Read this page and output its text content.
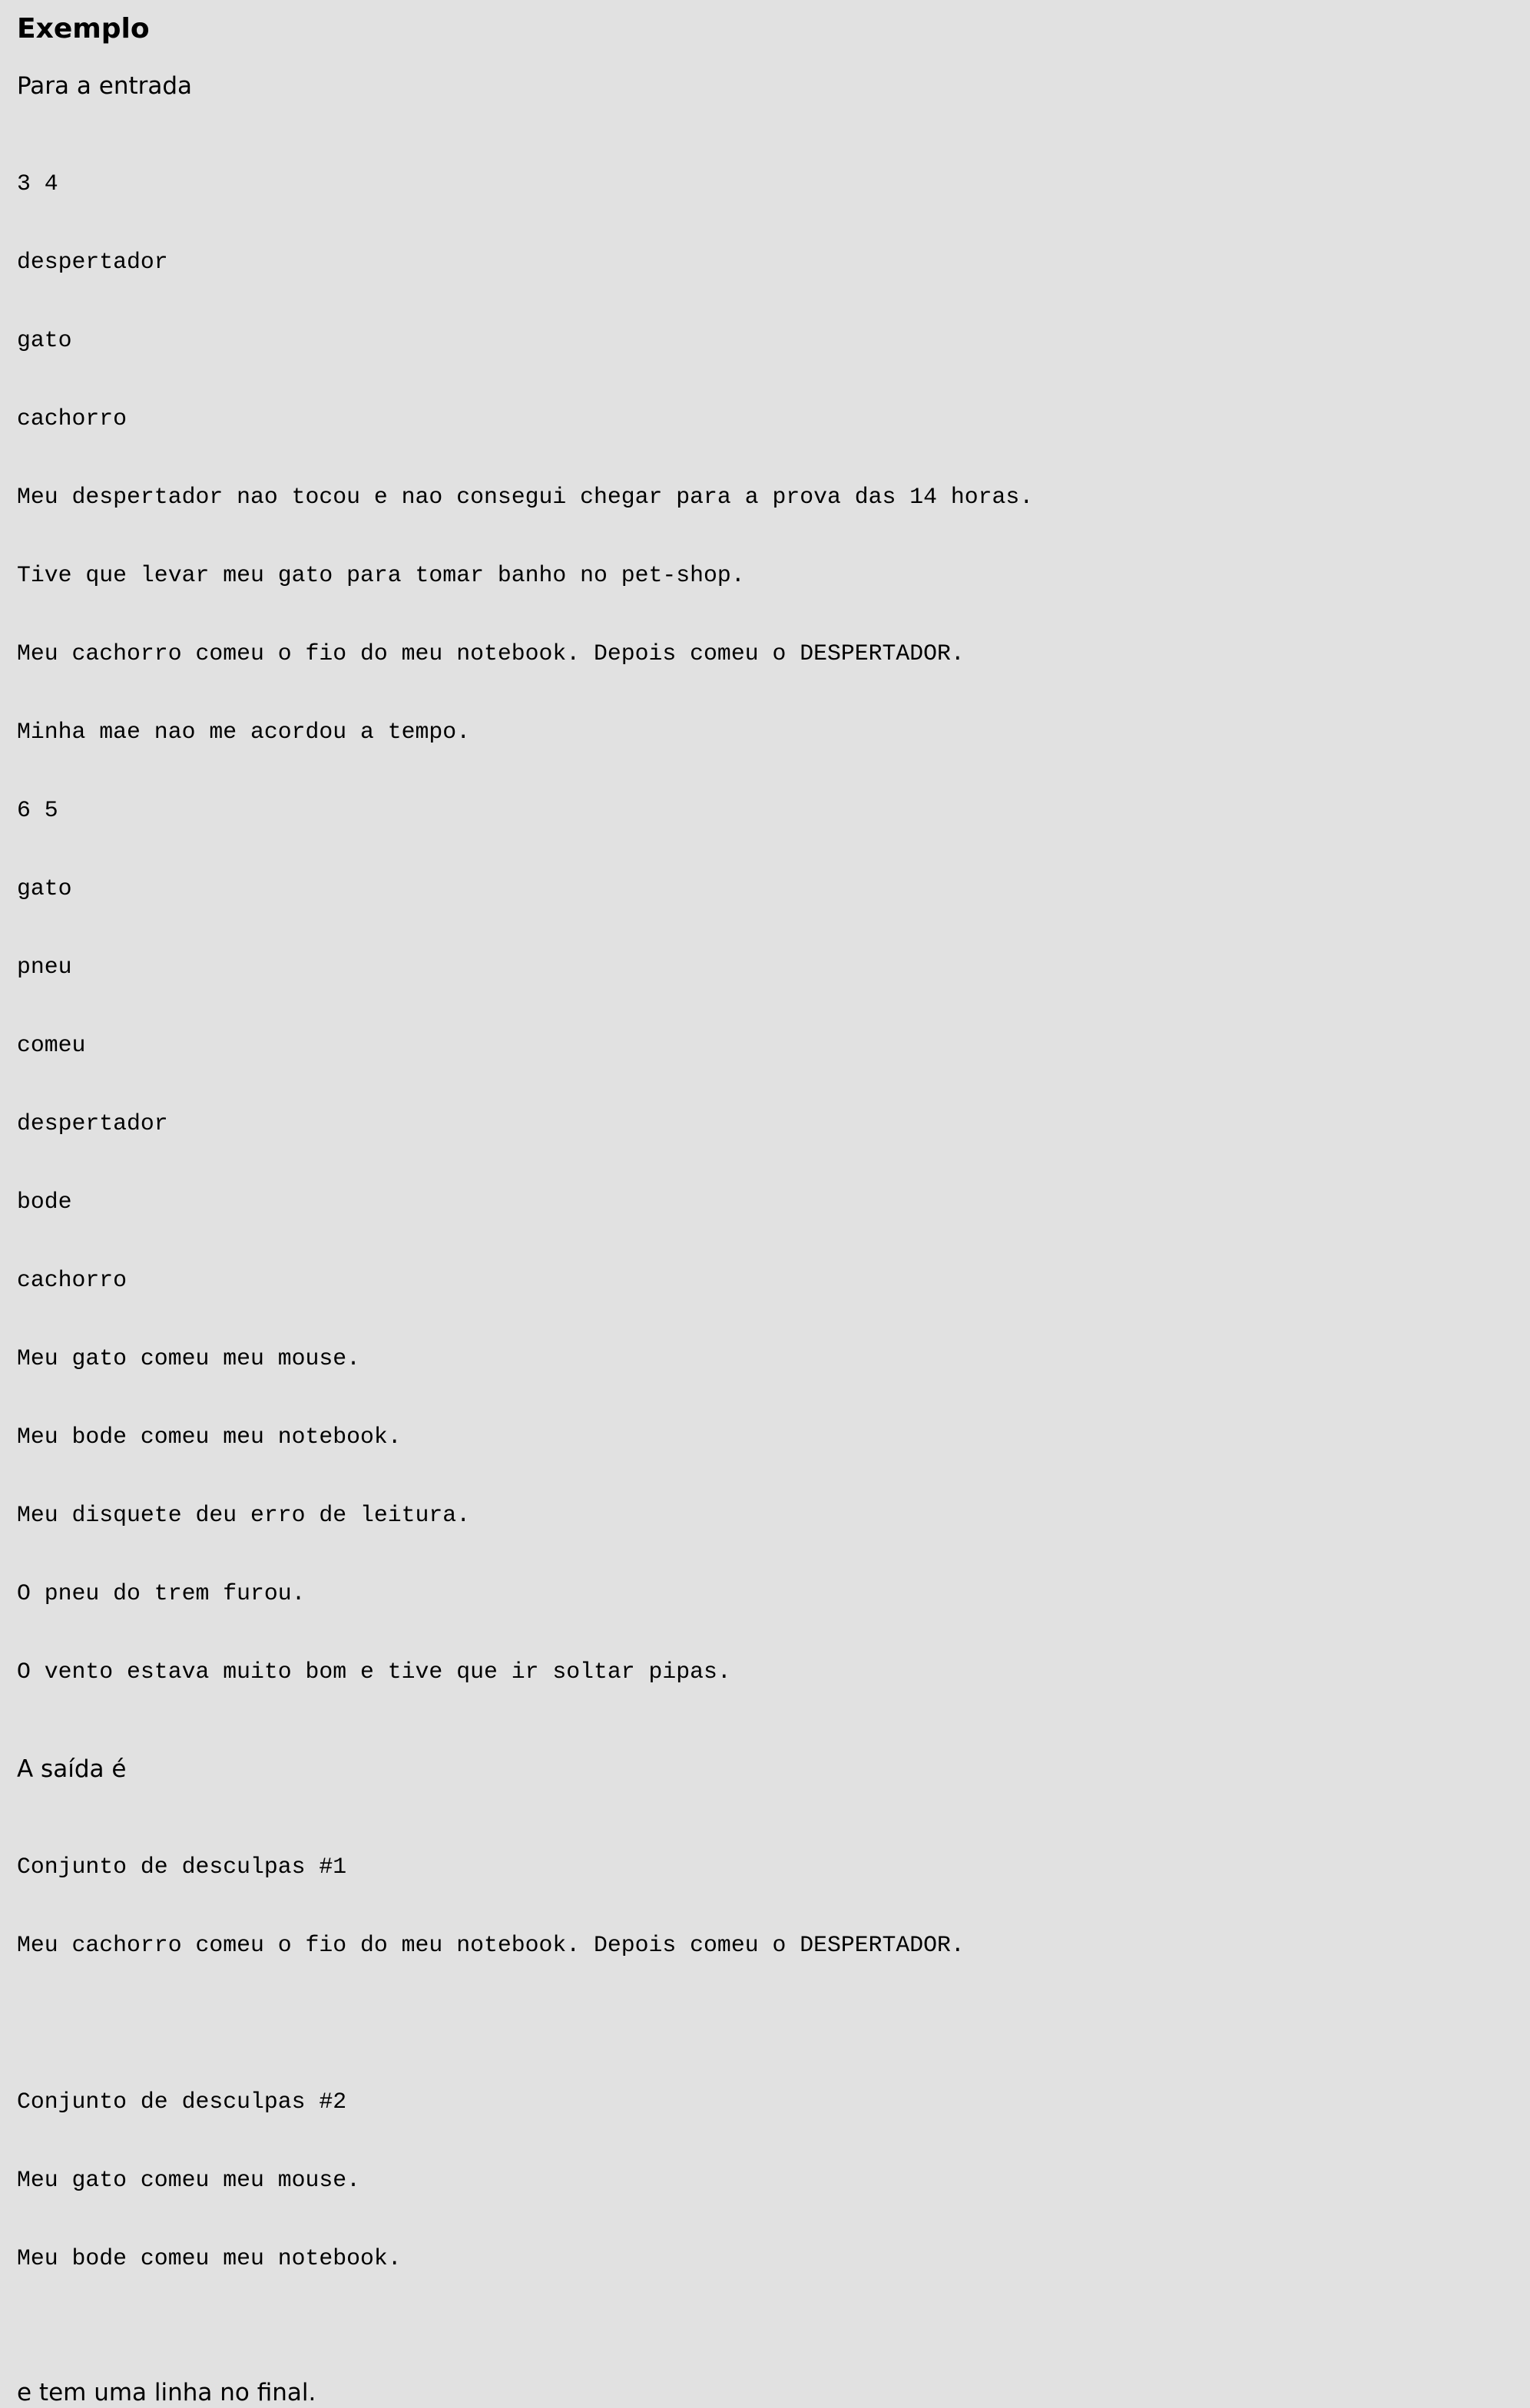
Exemplo

Para a entrada

3 4

despertador

gato

cachorro

Meu despertador nao tocou e nao consegui chegar para a prova das 14 horas.

Tive que levar meu gato para tomar banho no pet-shop.

Meu cachorro comeu o fio do meu notebook. Depois comeu o DESPERTADOR.

Minha mae nao me acordou a tempo.

6 5

gato

pneu

comeu

despertador

bode

cachorro

Meu gato comeu meu mouse.

Meu bode comeu meu notebook.

Meu disquete deu erro de leitura.

O pneu do trem furou.

O vento estava muito bom e tive que ir soltar pipas.

A saída é

Conjunto de desculpas #1

Meu cachorro comeu o fio do meu notebook. Depois comeu o DESPERTADOR.

Conjunto de desculpas #2

Meu gato comeu meu mouse.

Meu bode comeu meu notebook.

e tem uma linha no final.
